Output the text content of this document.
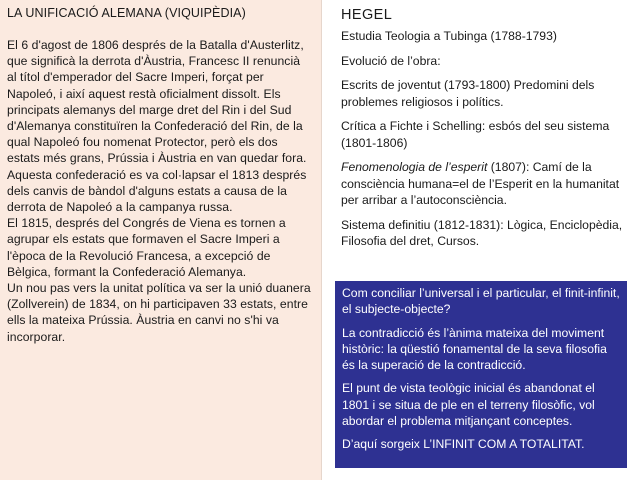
LA UNIFICACIÓ ALEMANA (VIQUIPÈDIA)

El 6 d'agost de 1806 després de la Batalla d'Austerlitz, que significà la derrota d'Àustria, Francesc II renuncià al títol d'emperador del Sacre Imperi, forçat per Napoleó, i així aquest restà oficialment dissolt. Els principats alemanys del marge dret del Rin i del Sud d'Alemanya constituïren la Confederació del Rin, de la qual Napoleó fou nomenat Protector, però els dos estats més grans, Prússia i Àustria en van quedar fora. Aquesta confederació es va col·lapsar el 1813 després dels canvis de bàndol d'alguns estats a causa de la derrota de Napoleó a la campanya russa.

El 1815, després del Congrés de Viena es tornen a agrupar els estats que formaven el Sacre Imperi a l'època de la Revolució Francesa, a excepció de Bèlgica, formant la Confederació Alemanya.

Un nou pas vers la unitat política va ser la unió duanera (Zollverein) de 1834, on hi participaven 33 estats, entre ells la mateixa Prússia. Àustria en canvi no s'hi va incorporar.

HEGEL

Estudia Teologia a Tubinga (1788-1793)

Evolució de l’obra:

Escrits de joventut (1793-1800) Predomini dels problemes religiosos i polítics.

Crítica a Fichte i Schelling: esbós del seu sistema (1801-1806)

Fenomenologia de l’esperit (1807): Camí de la consciència humana=el de l’Esperit en la humanitat per arribar a l’autoconsciència.

Sistema definitiu (1812-1831): Lògica, Enciclopèdia, Filosofia del dret, Cursos.

Com conciliar l’universal i el particular, el finit-infinit, el subjecte-objecte?

La contradicció és l’ànima mateixa del moviment històric: la qüestió fonamental de la seva filosofia és la superació de la contradicció.

El punt de vista teològic inicial és abandonat el 1801 i se situa de ple en el terreny filosòfic, vol abordar el problema mitjançant conceptes.

D’aquí sorgeix L’INFINIT COM A TOTALITAT.
